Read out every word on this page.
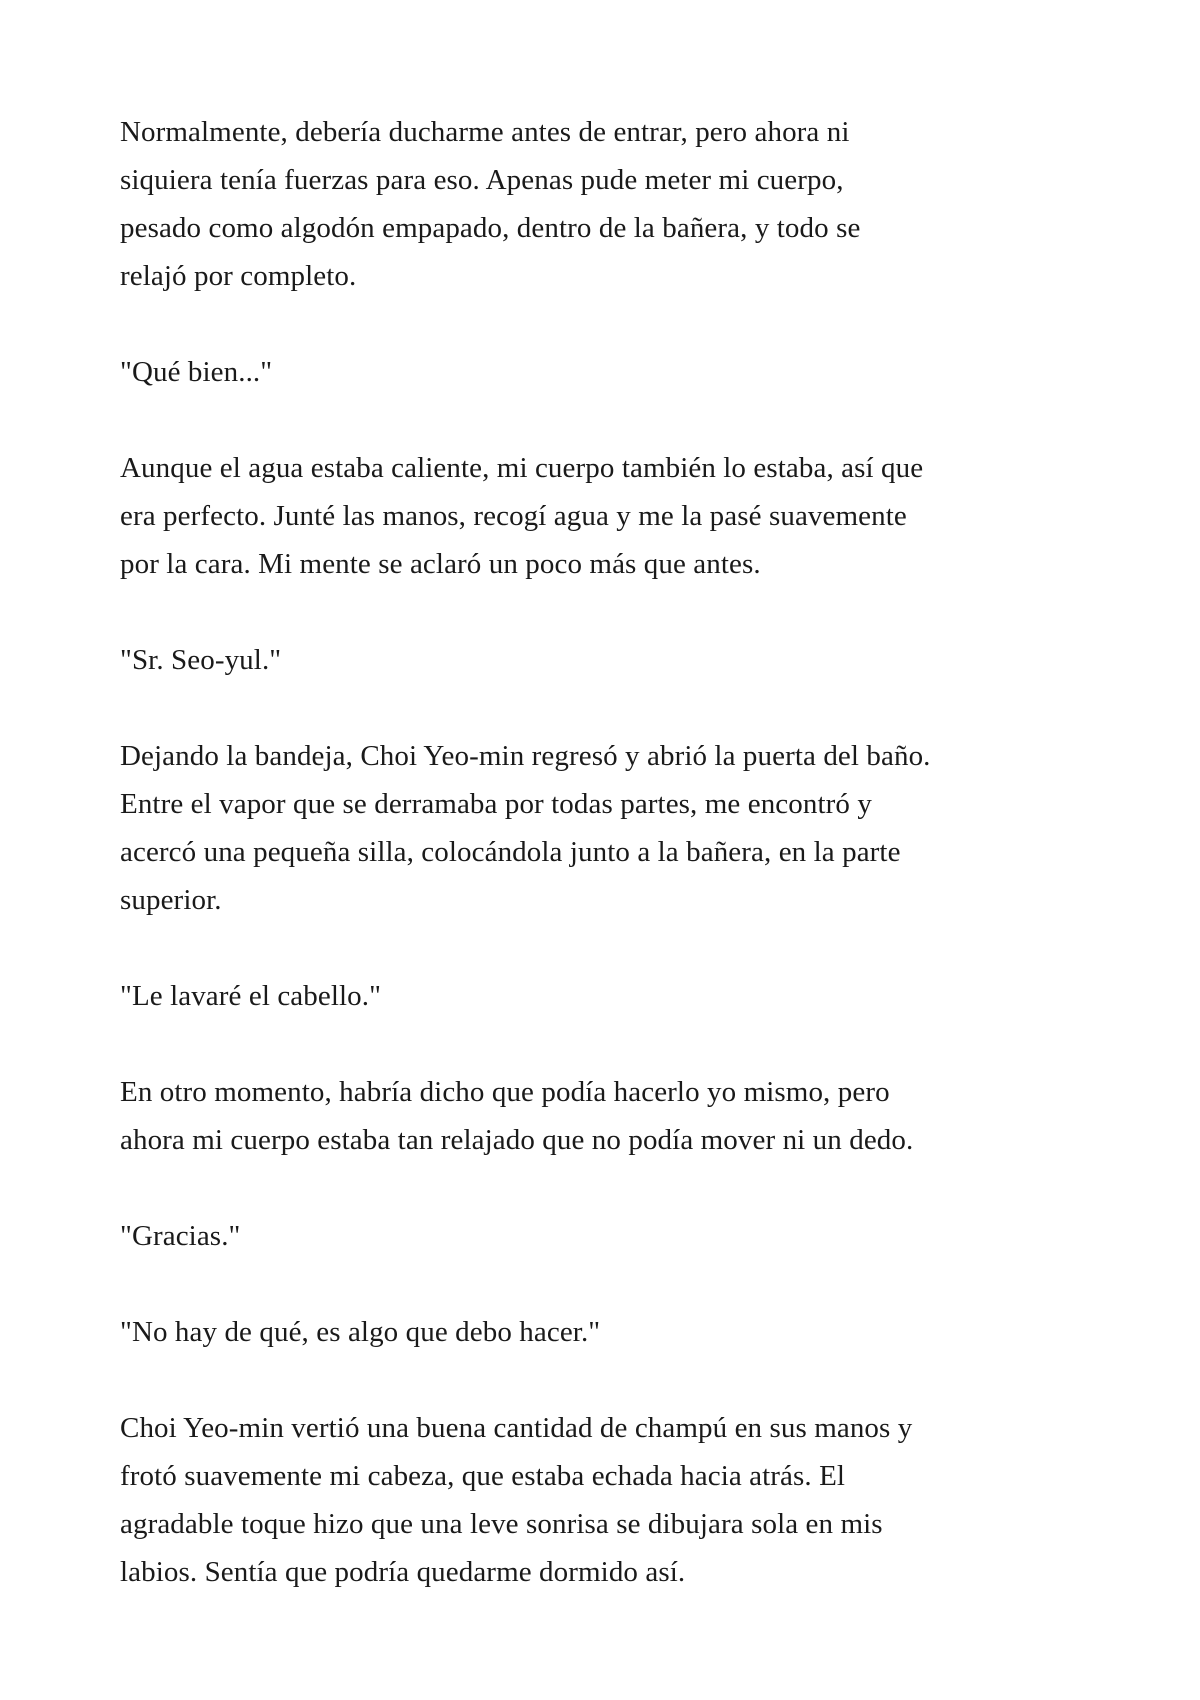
Normalmente, debería ducharme antes de entrar, pero ahora ni
siquiera tenía fuerzas para eso. Apenas pude meter mi cuerpo,
pesado como algodón empapado, dentro de la bañera, y todo se
relajó por completo.

"Qué bien..."

Aunque el agua estaba caliente, mi cuerpo también lo estaba, así que
era perfecto. Junté las manos, recogí agua y me la pasé suavemente
por la cara. Mi mente se aclaró un poco más que antes.

"Sr. Seo-yul."

Dejando la bandeja, Choi Yeo-min regresó y abrió la puerta del baño.
Entre el vapor que se derramaba por todas partes, me encontró y
acercó una pequeña silla, colocándola junto a la bañera, en la parte
superior.

"Le lavaré el cabello."

En otro momento, habría dicho que podía hacerlo yo mismo, pero
ahora mi cuerpo estaba tan relajado que no podía mover ni un dedo.

"Gracias."

"No hay de qué, es algo que debo hacer."

Choi Yeo-min vertió una buena cantidad de champú en sus manos y
frotó suavemente mi cabeza, que estaba echada hacia atrás. El
agradable toque hizo que una leve sonrisa se dibujara sola en mis
labios. Sentía que podría quedarme dormido así.
